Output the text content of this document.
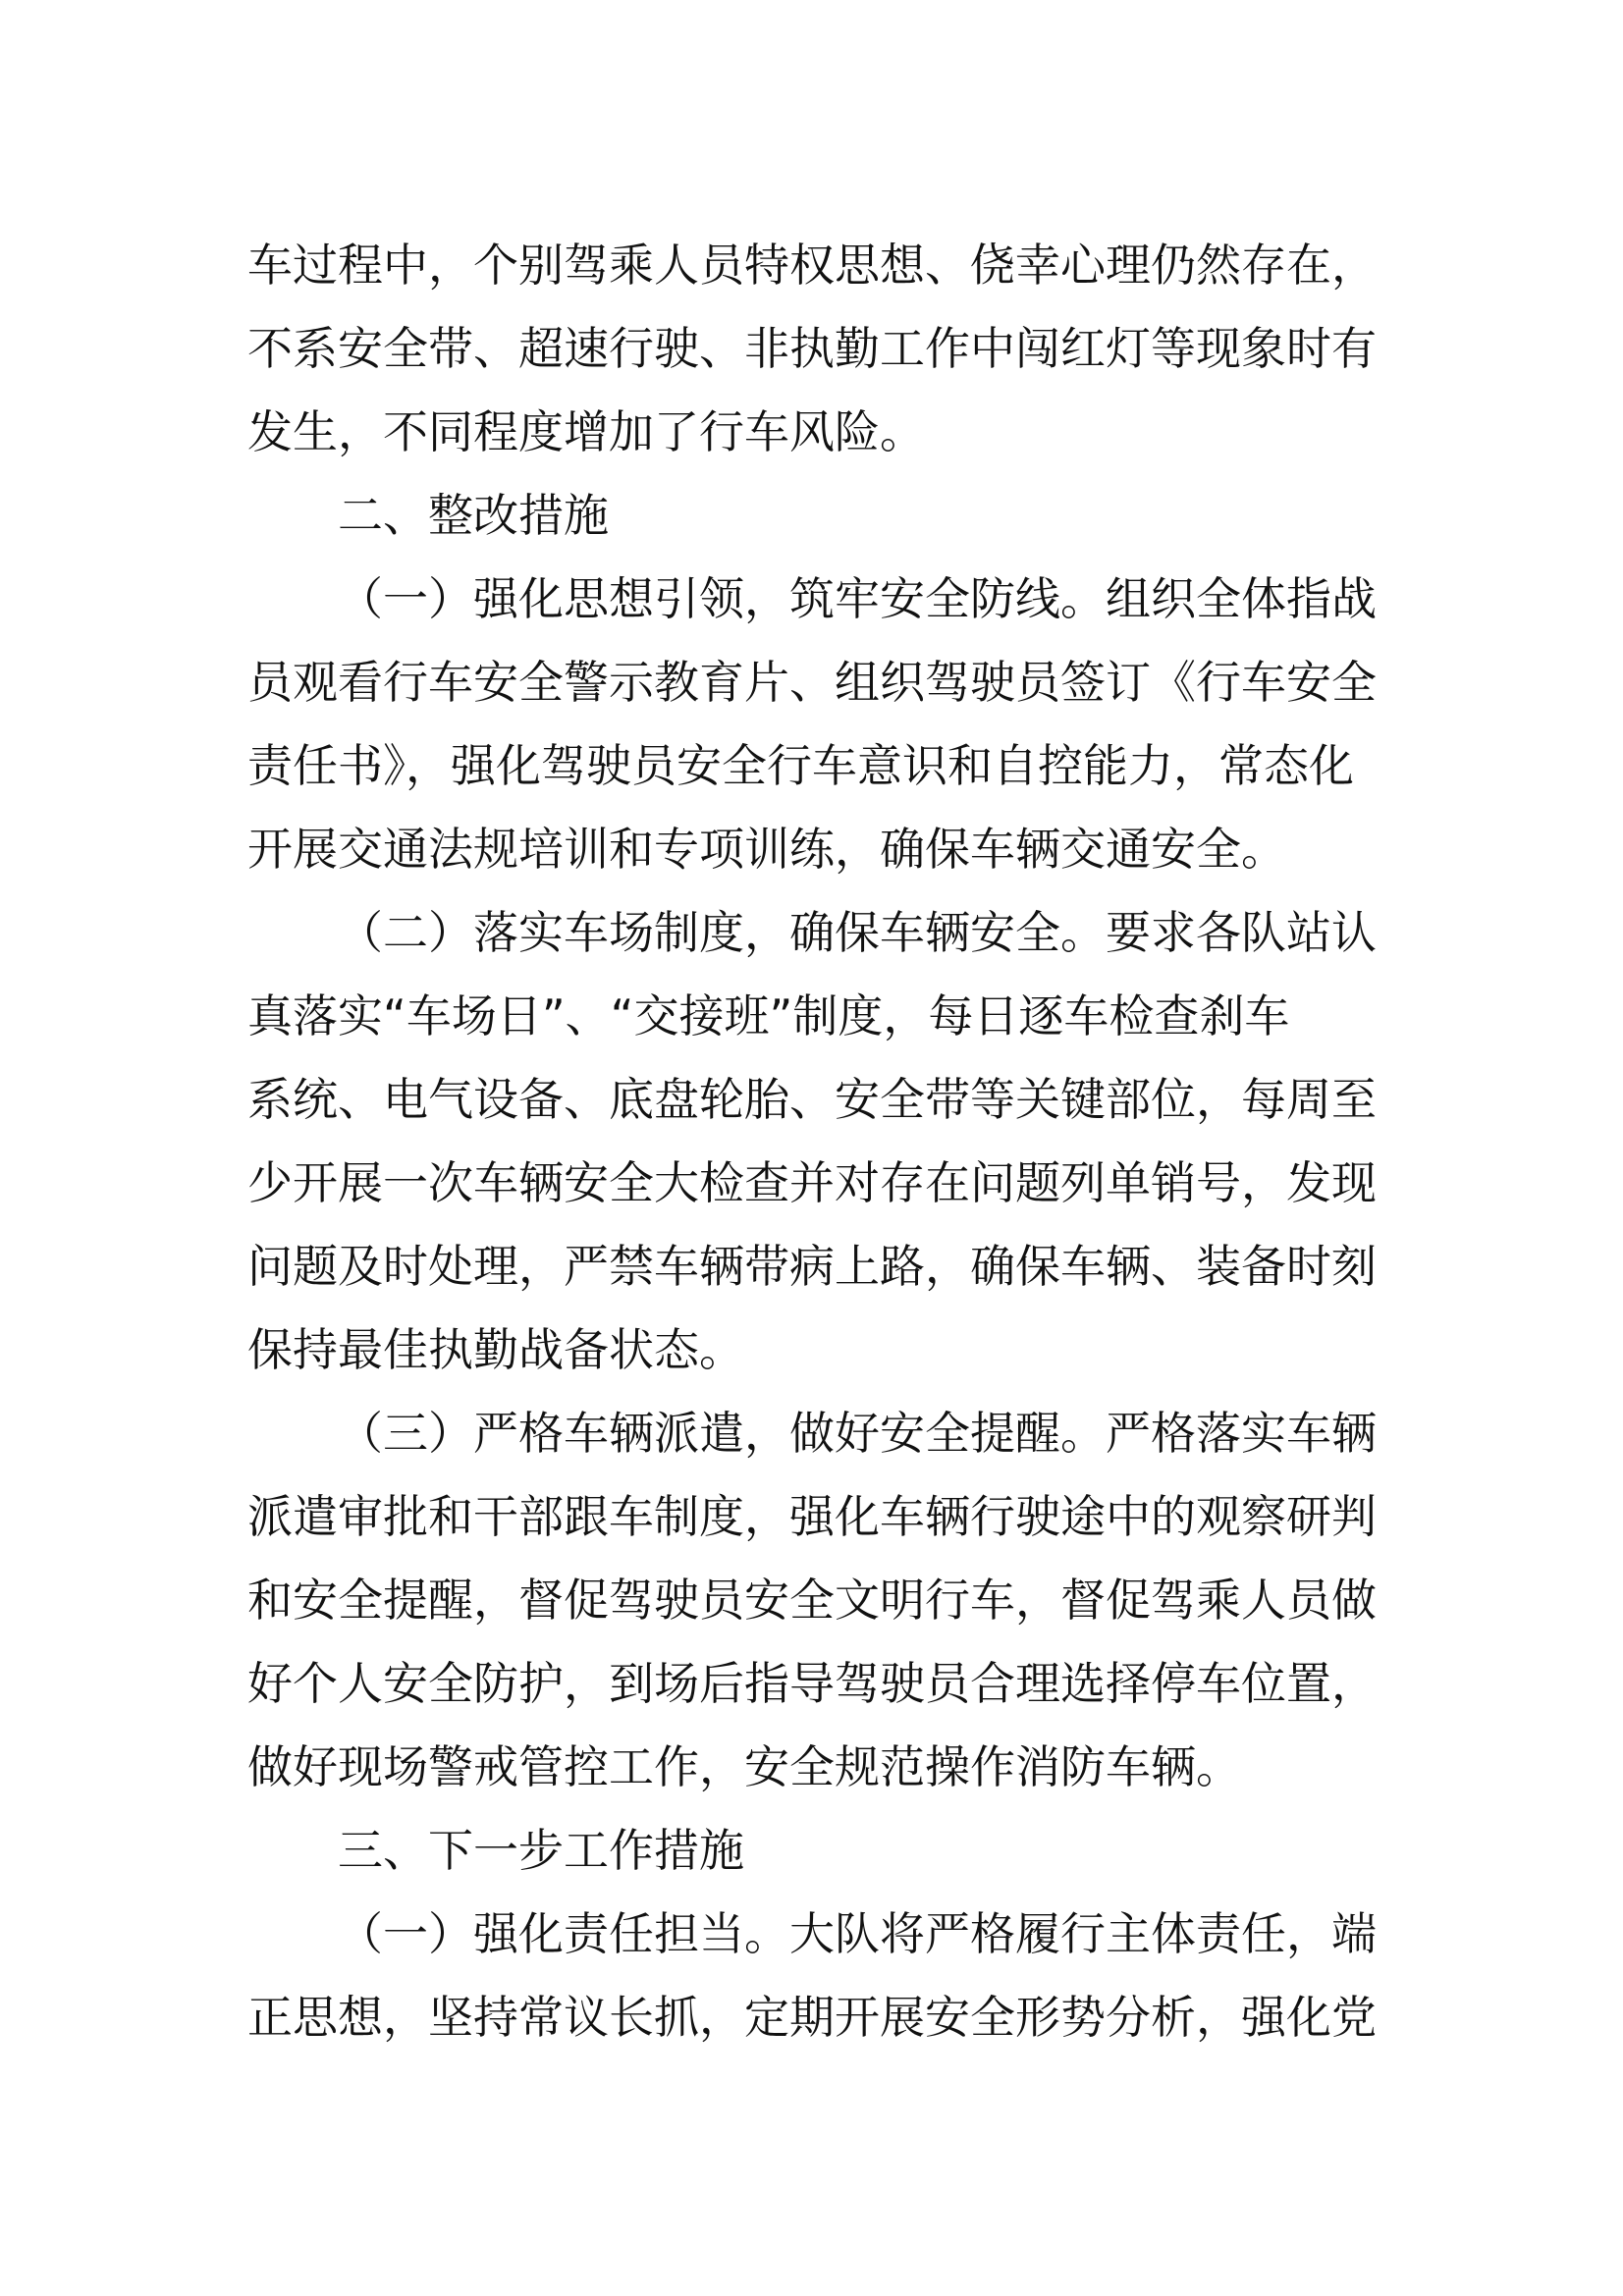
车过程中，个别驾乘人员特权思想、侥幸心理仍然存在，
不系安全带、超速行驶、非执勤工作中闯红灯等现象时有
发生，不同程度增加了行车风险。
二、整改措施
（一）强化思想引领，筑牢安全防线。组织全体指战
员观看行车安全警示教育片、组织驾驶员签订《行车安全
责任书》，强化驾驶员安全行车意识和自控能力，常态化
开展交通法规培训和专项训练，确保车辆交通安全。
（二）落实车场制度，确保车辆安全。要求各队站认
真落实“车场日”、“交接班”制度，每日逐车检查刹车
系统、电气设备、底盘轮胎、安全带等关键部位，每周至
少开展一次车辆安全大检查并对存在问题列单销号，发现
问题及时处理，严禁车辆带病上路，确保车辆、装备时刻
保持最佳执勤战备状态。
（三）严格车辆派遣，做好安全提醒。严格落实车辆
派遣审批和干部跟车制度，强化车辆行驶途中的观察研判
和安全提醒，督促驾驶员安全文明行车，督促驾乘人员做
好个人安全防护，到场后指导驾驶员合理选择停车位置，
做好现场警戒管控工作，安全规范操作消防车辆。
三、下一步工作措施
（一）强化责任担当。大队将严格履行主体责任，端
正思想，坚持常议长抓，定期开展安全形势分析，强化党
